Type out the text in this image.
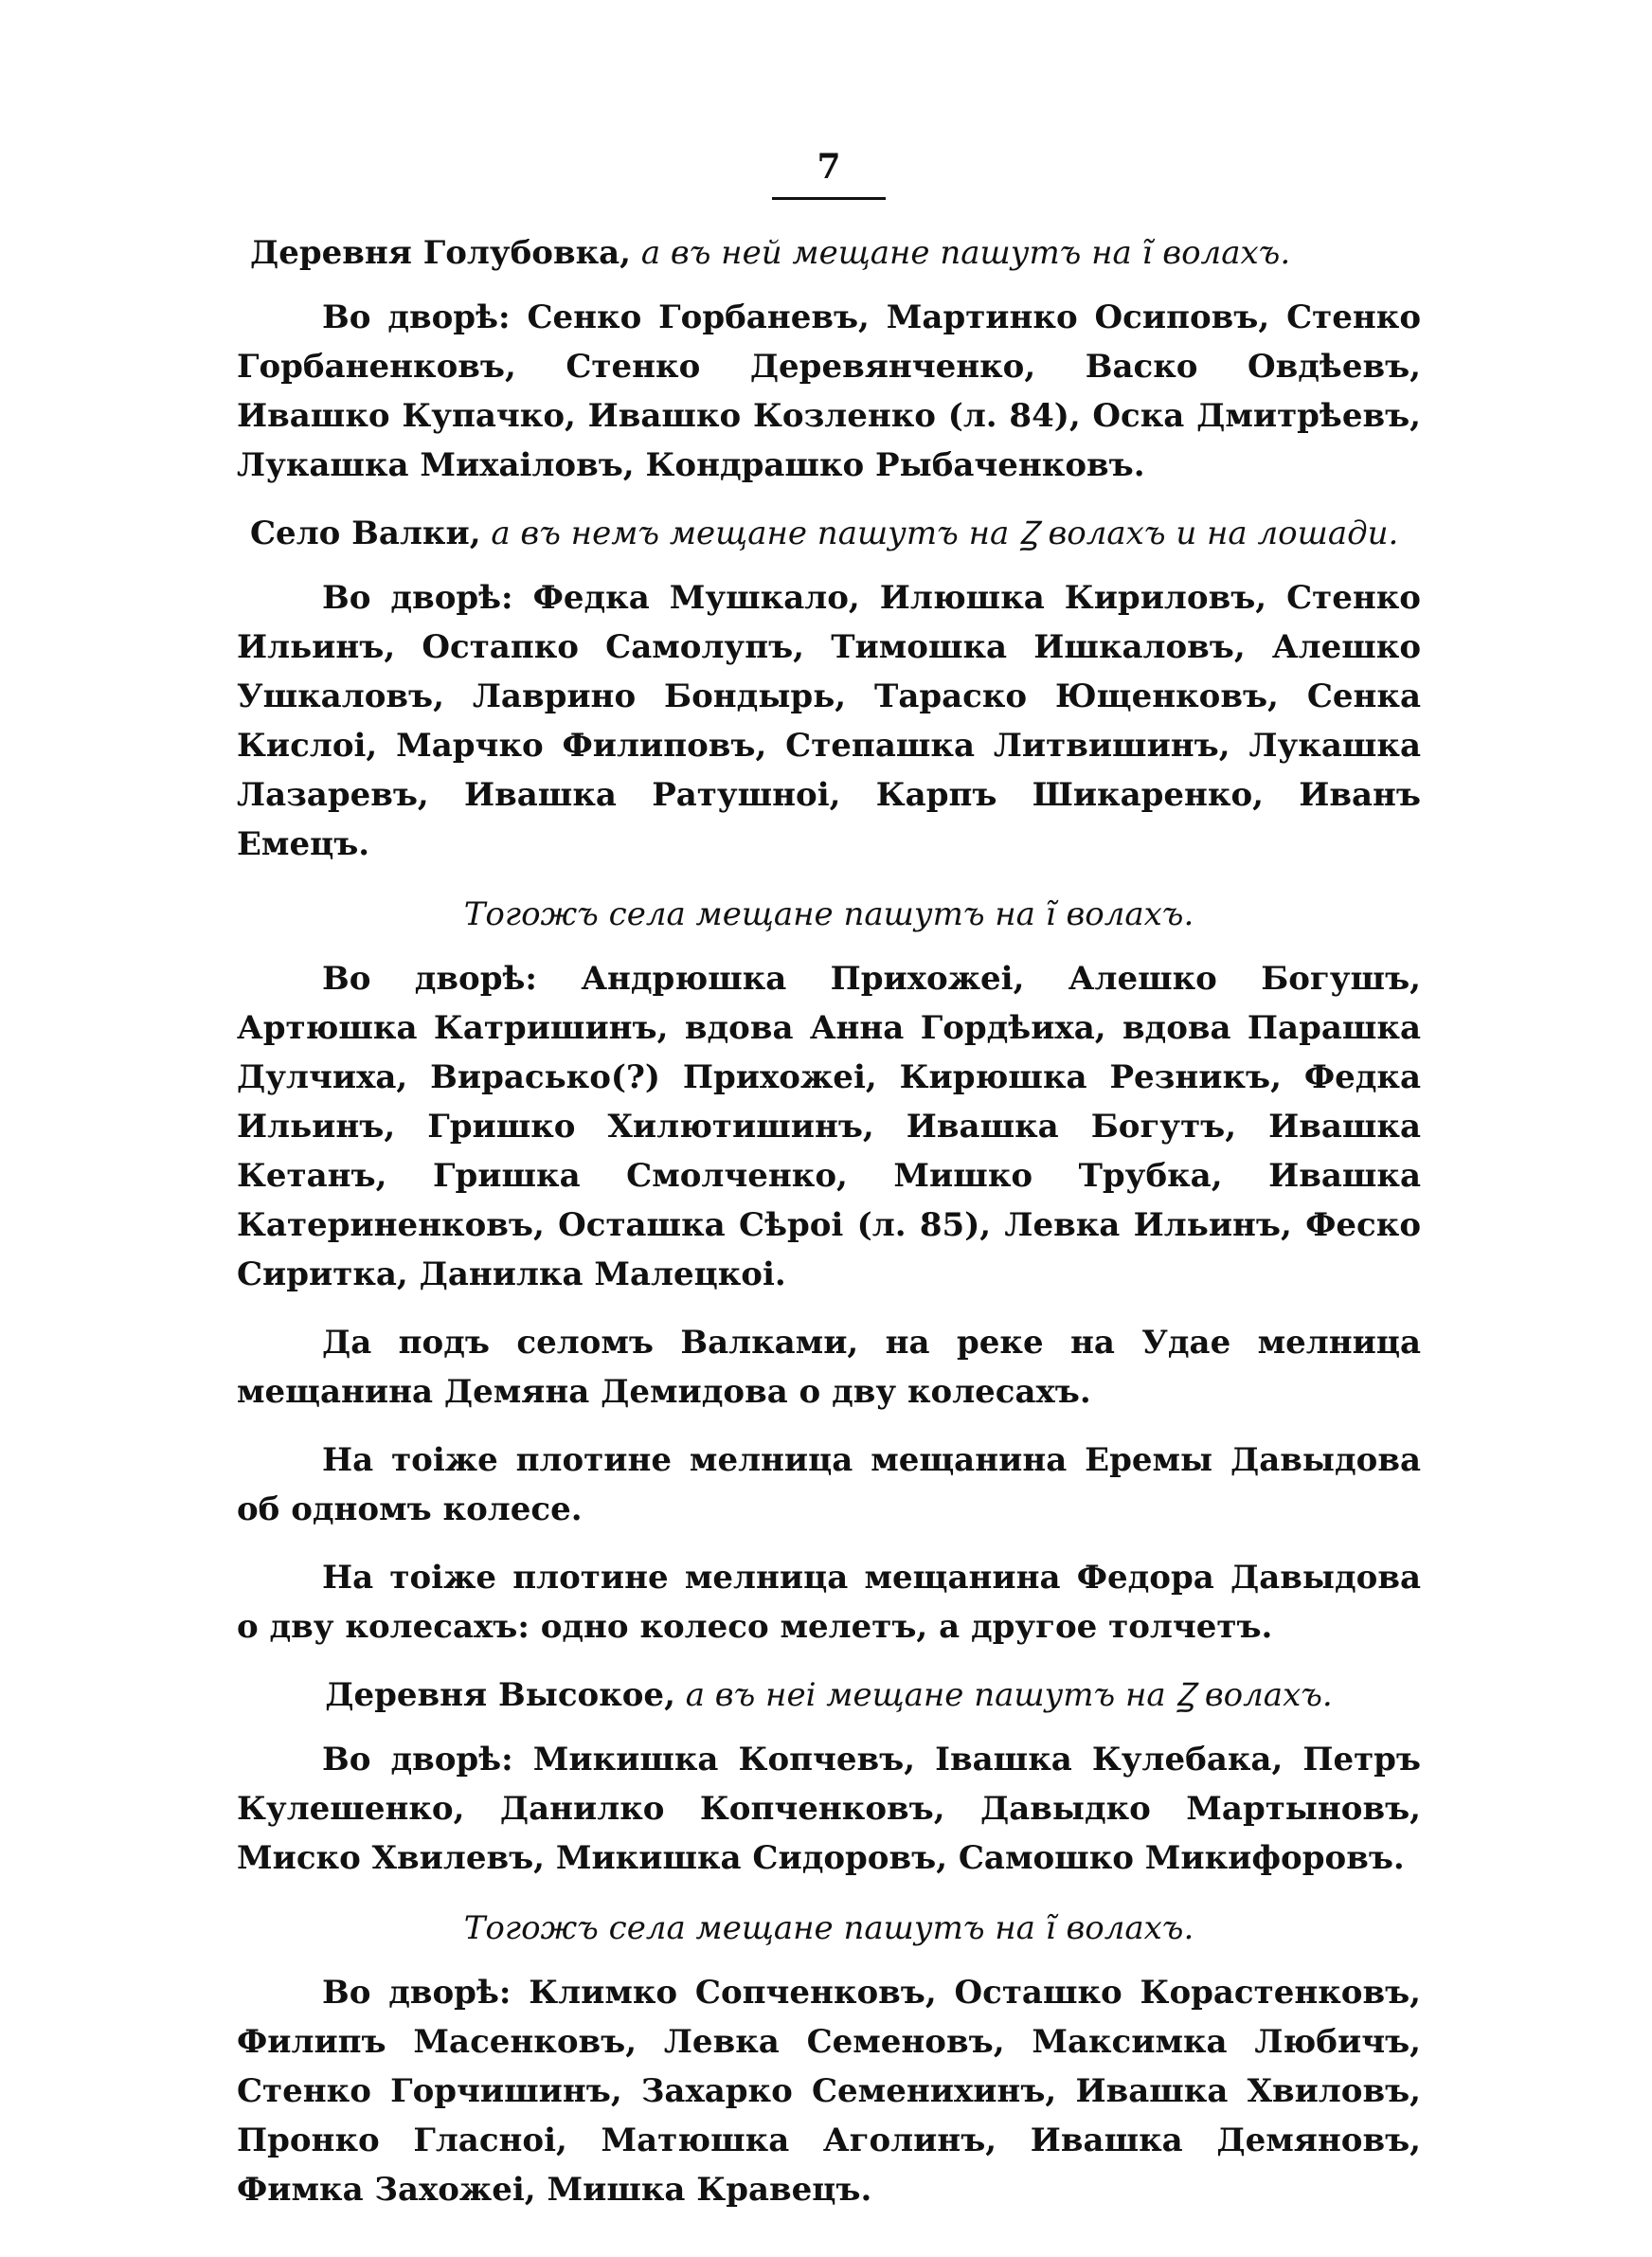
7
Деревня Голубовка, а въ ней мещане пашутъ на ĩ волахъ.

Во дворѣ: Сенко Горбаневъ, Мартинко Осиповъ, Стенко Горбаненковъ, Стенко Деревянченко, Васко Овдѣевъ, Ивашко Купачко, Ивашко Козленко (л. 84), Оска Дмитрѣевъ, Лукашка Михаiловъ, Кондрашко Рыбаченковъ.

Село Валки, а въ немъ мещане пашутъ на Ꙁ волахъ и на лошади.

Во дворѣ: Федка Мушкало, Илюшка Кириловъ, Стенко Ильинъ, Остапко Самолупъ, Тимошка Ишкаловъ, Алешко Ушкаловъ, Лаврино Бондырь, Тараско Ющенковъ, Сенка Кислоi, Марчко Филиповъ, Степашка Литвишинъ, Лукашка Лазаревъ, Ивашка Ратушноi, Карпъ Шикаренко, Иванъ Емецъ.

Тогожъ села мещане пашутъ на ĩ волахъ.

Во дворѣ: Андрюшка Прихожеi, Алешко Богушъ, Артюшка Катришинъ, вдова Анна Гордѣиха, вдова Парашка Дулчиха, Вирасько(?) Прихожеi, Кирюшка Резникъ, Федка Ильинъ, Гришко Хилютишинъ, Ивашка Богутъ, Ивашка Кетанъ, Гришка Смолченко, Мишко Трубка, Ивашка Катериненковъ, Осташка Сѣроi (л. 85), Левка Ильинъ, Феско Сиритка, Данилка Малецкоi.

Да подъ селомъ Валками, на реке на Удае мелница мещанина Демяна Демидова о дву колесахъ.

На тоiже плотине мелница мещанина Еремы Давыдова об одномъ колесе.

На тоiже плотине мелница мещанина Федора Давыдова о дву колесахъ: одно колесо мелетъ, а другое толчетъ.

Деревня Высокое, а въ неi мещане пашутъ на Ꙁ волахъ.

Во дворѣ: Микишка Копчевъ, Iвашка Кулебака, Петръ Кулешенко, Данилко Копченковъ, Давыдко Мартыновъ, Миско Хвилевъ, Микишка Сидоровъ, Самошко Микифоровъ.

Тогожъ села мещане пашутъ на ĩ волахъ.

Во дворѣ: Климко Сопченковъ, Осташко Корастенковъ, Филипъ Масенковъ, Левка Семеновъ, Максимка Любичъ, Стенко Горчишинъ, Захарко Семенихинъ, Ивашка Хвиловъ, Пронко Гласноi, Матюшка Аголинъ, Ивашка Демяновъ, Фимка Захожеi, Мишка Кравецъ.
